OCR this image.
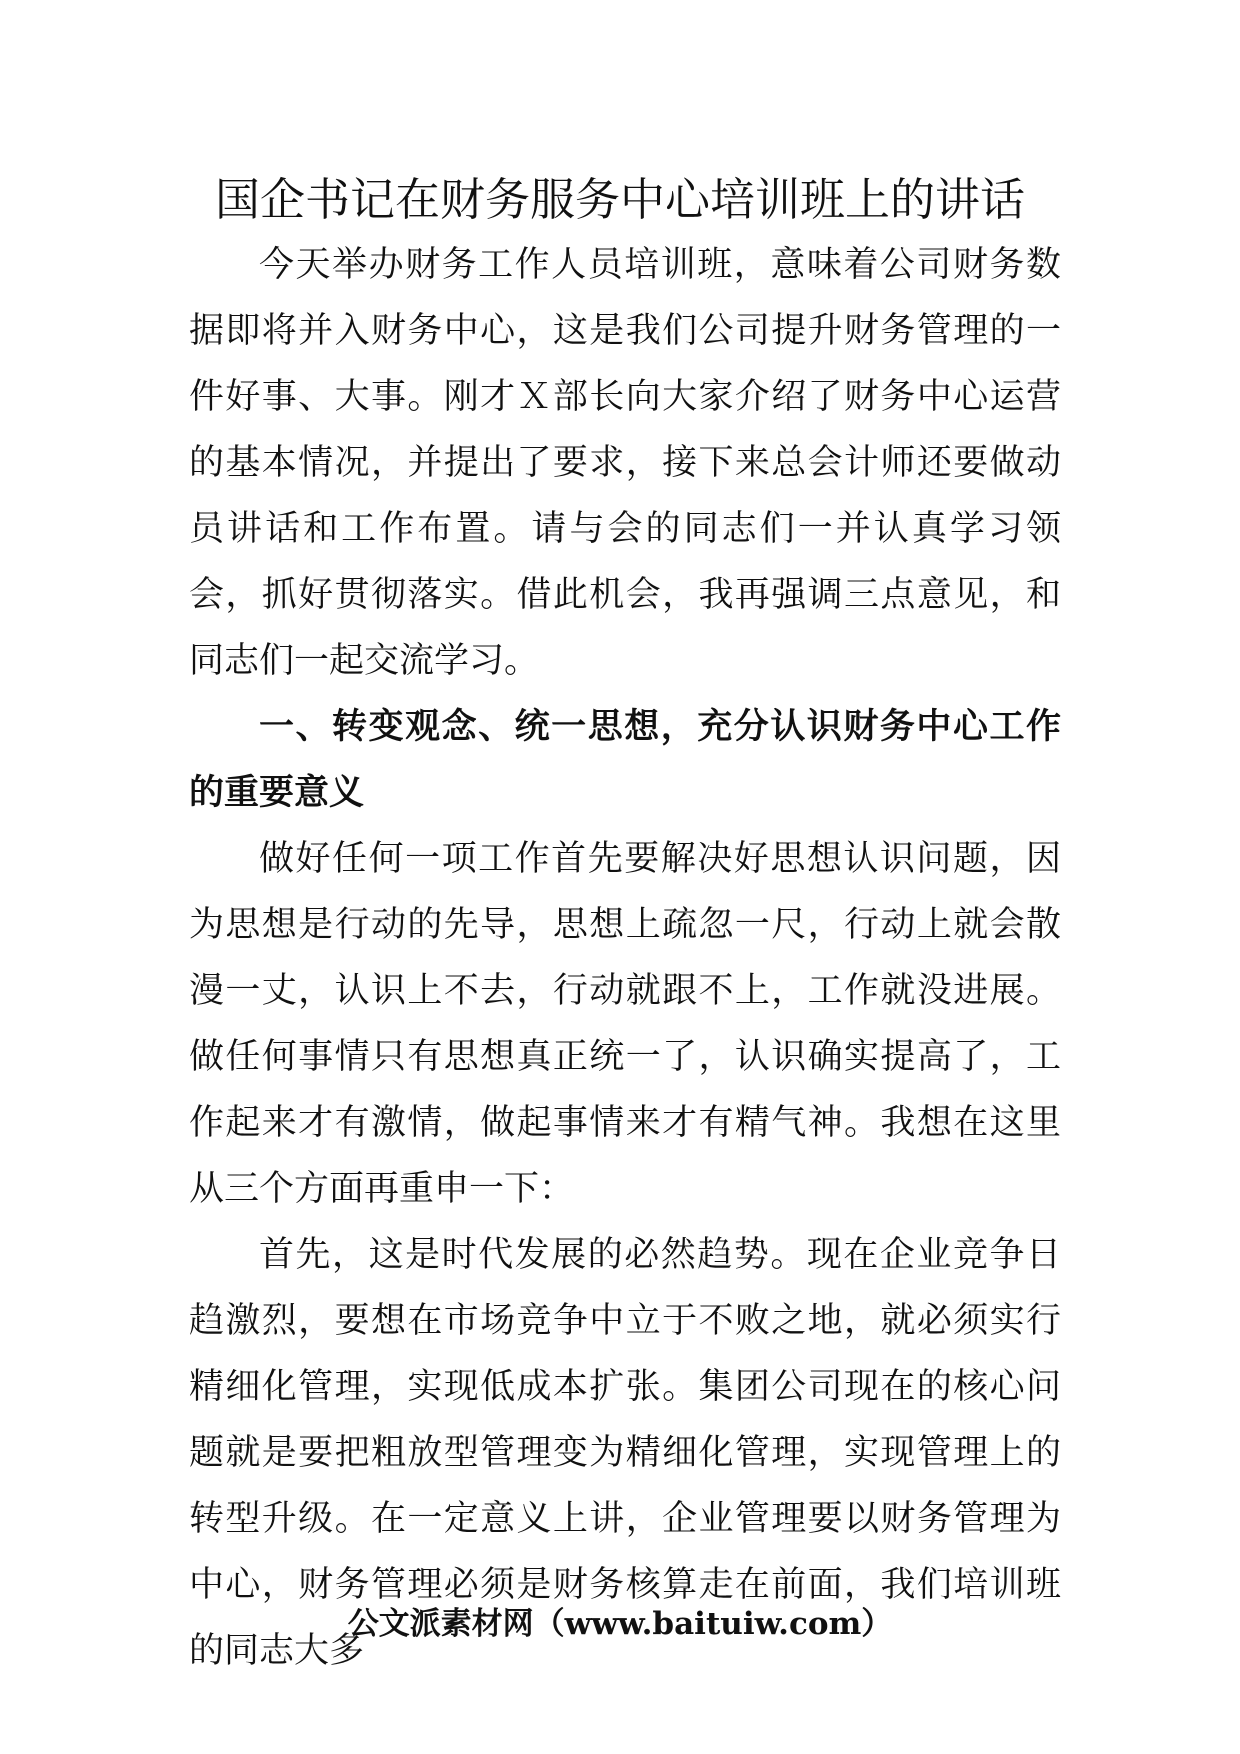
国企书记在财务服务中心培训班上的讲话

今天举办财务工作人员培训班，意味着公司财务数据即将并入财务中心，这是我们公司提升财务管理的一件好事、大事。刚才Ｘ部长向大家介绍了财务中心运营的基本情况，并提出了要求，接下来总会计师还要做动员讲话和工作布置。请与会的同志们一并认真学习领会，抓好贯彻落实。借此机会，我再强调三点意见，和同志们一起交流学习。

一、转变观念、统一思想，充分认识财务中心工作的重要意义

做好任何一项工作首先要解决好思想认识问题，因为思想是行动的先导，思想上疏忽一尺，行动上就会散漫一丈，认识上不去，行动就跟不上，工作就没进展。做任何事情只有思想真正统一了，认识确实提高了，工作起来才有激情，做起事情来才有精气神。我想在这里从三个方面再重申一下：

首先，这是时代发展的必然趋势。现在企业竞争日趋激烈，要想在市场竞争中立于不败之地，就必须实行精细化管理，实现低成本扩张。集团公司现在的核心问题就是要把粗放型管理变为精细化管理，实现管理上的转型升级。在一定意义上讲，企业管理要以财务管理为中心，财务管理必须是财务核算走在前面，我们培训班的同志大多

公文派素材网（www.baituiw.com）
